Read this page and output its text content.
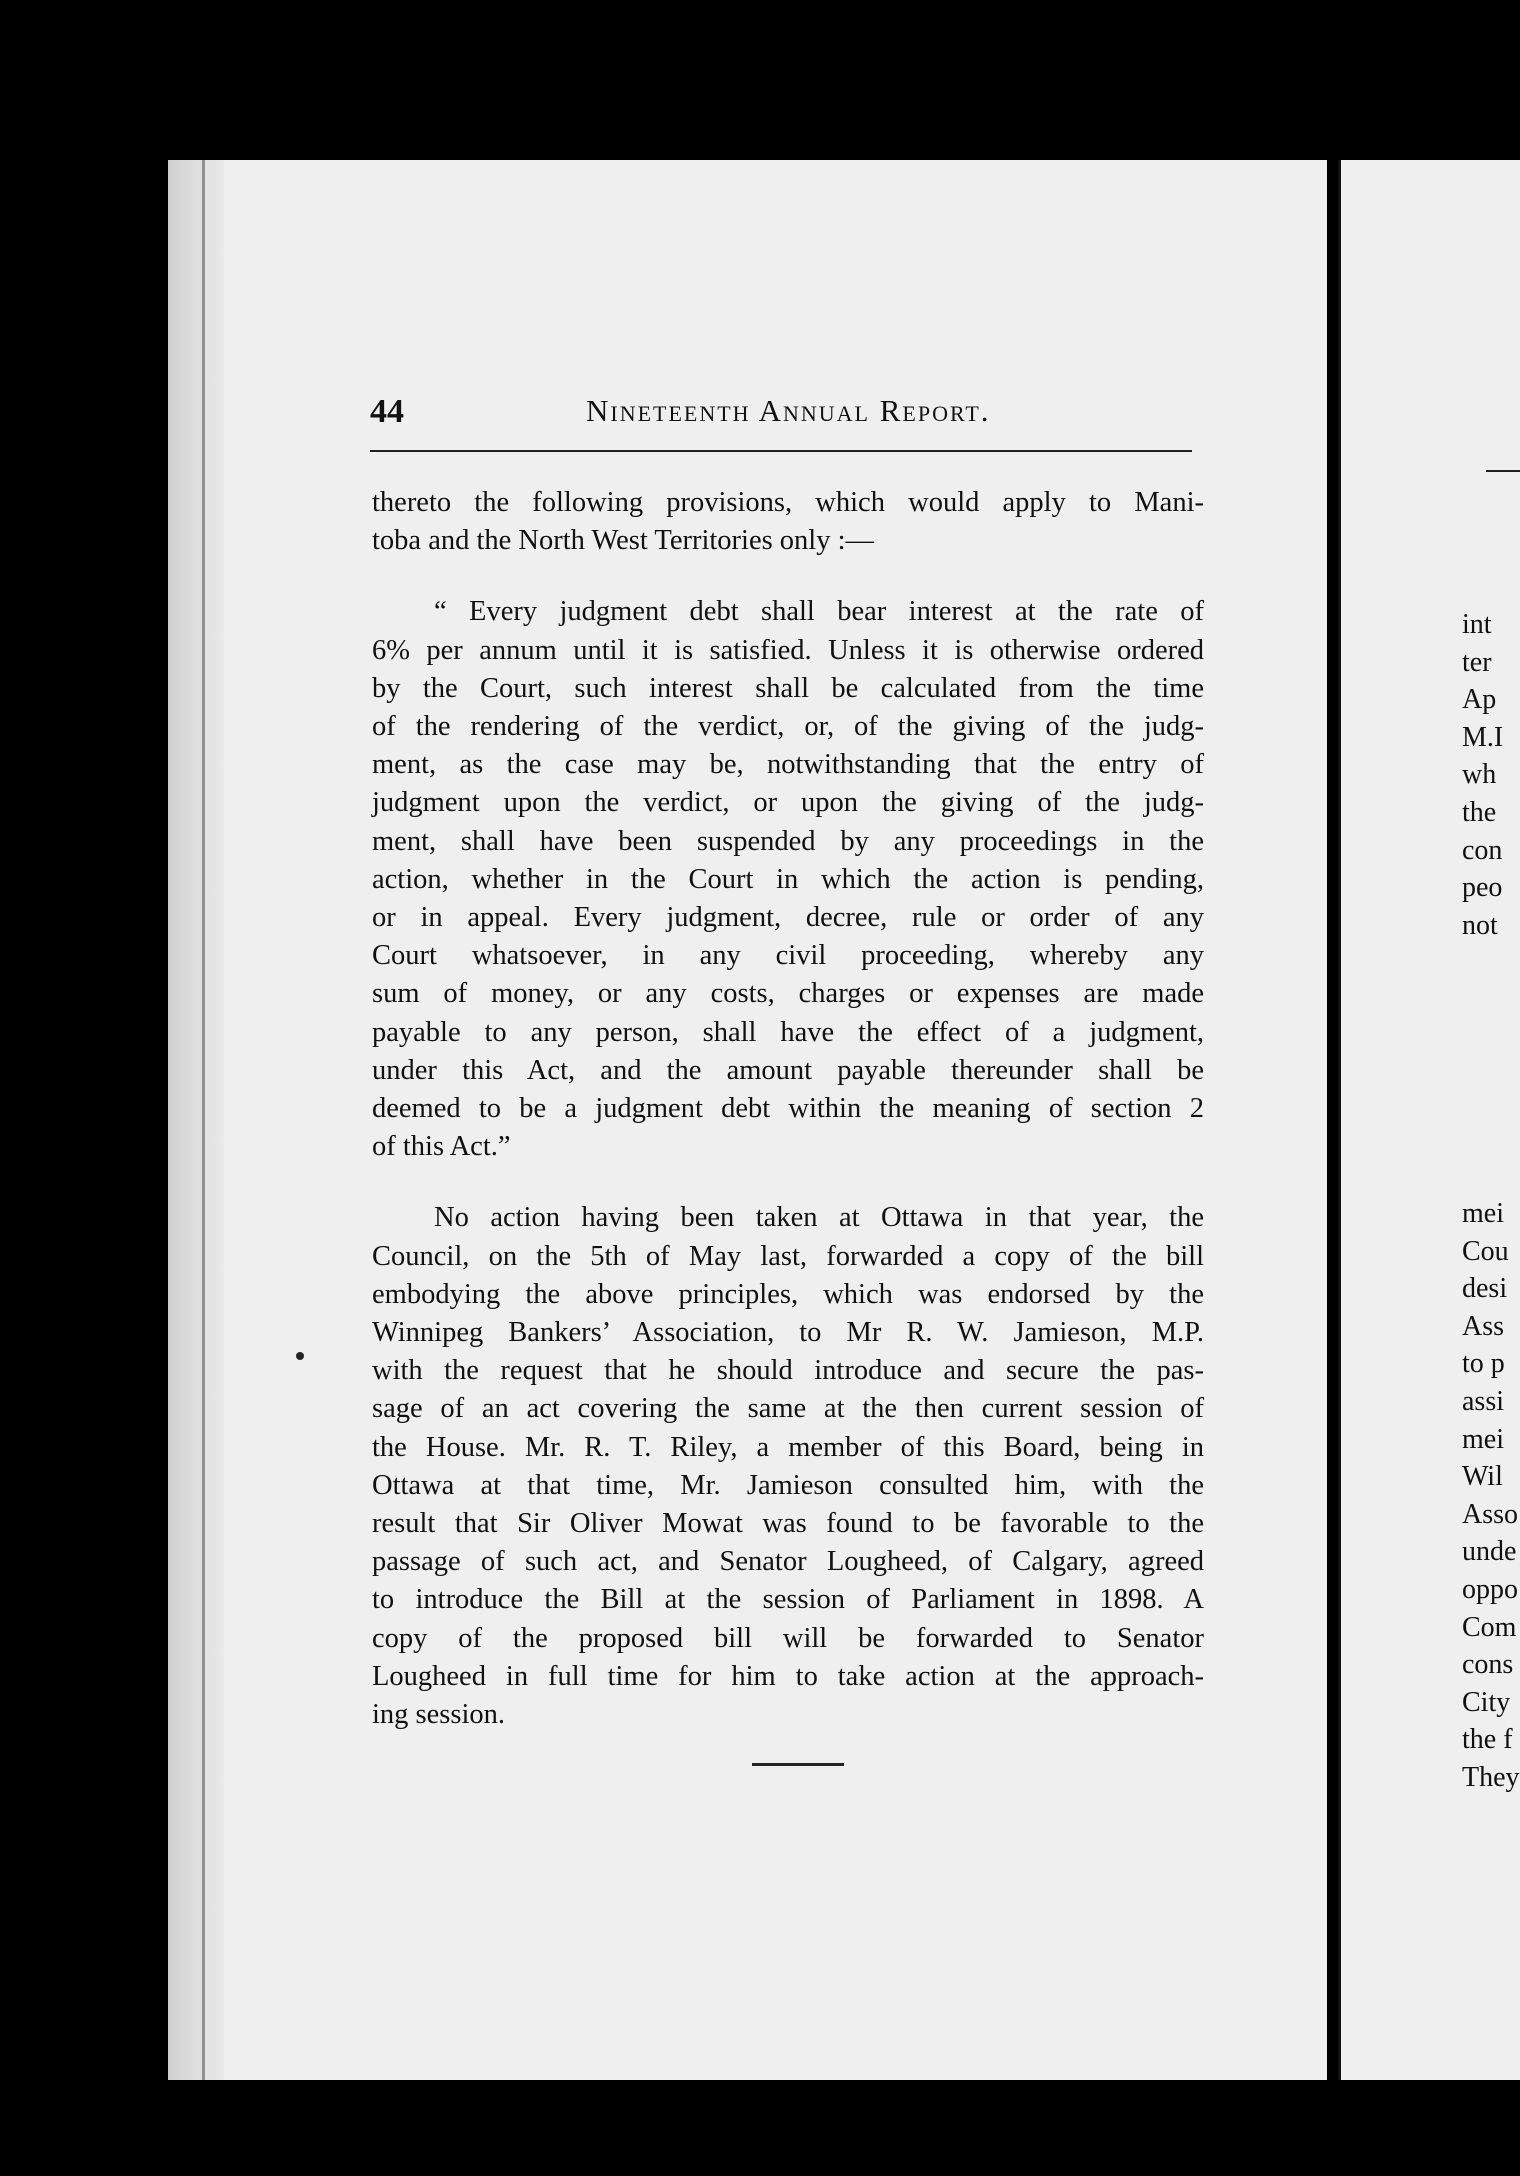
44	Nineteenth Annual Report.
thereto the following provisions, which would apply to Mani-
toba and the North West Territories only :—
“ Every judgment debt shall bear interest at the rate of
6% per annum until it is satisfied. Unless it is otherwise ordered
by the Court, such interest shall be calculated from the time
of the rendering of the verdict, or, of the giving of the judg-
ment, as the case may be, notwithstanding that the entry of
judgment upon the verdict, or upon the giving of the judg-
ment, shall have been suspended by any proceedings in the
action, whether in the Court in which the action is pending,
or in appeal. Every judgment, decree, rule or order of any
Court whatsoever, in any civil proceeding, whereby any
sum of money, or any costs, charges or expenses are made
payable to any person, shall have the effect of a judgment,
under this Act, and the amount payable thereunder shall be
deemed to be a judgment debt within the meaning of section 2
of this Act.”
No action having been taken at Ottawa in that year, the
Council, on the 5th of May last, forwarded a copy of the bill
embodying the above principles, which was endorsed by the
Winnipeg Bankers’ Association, to Mr R. W. Jamieson, M.P.
with the request that he should introduce and secure the pas-
sage of an act covering the same at the then current session of
the House. Mr. R. T. Riley, a member of this Board, being in
Ottawa at that time, Mr. Jamieson consulted him, with the
result that Sir Oliver Mowat was found to be favorable to the
passage of such act, and Senator Lougheed, of Calgary, agreed
to introduce the Bill at the session of Parliament in 1898. A
copy of the proposed bill will be forwarded to Senator
Lougheed in full time for him to take action at the approach-
ing session.
int
ter
Ap
M.I
wh
the
con
peo
not
mei
Cou
desi
Ass
to p
assi
mei
Wil
Asso
unde
oppo
Com
cons
City
the f
They
